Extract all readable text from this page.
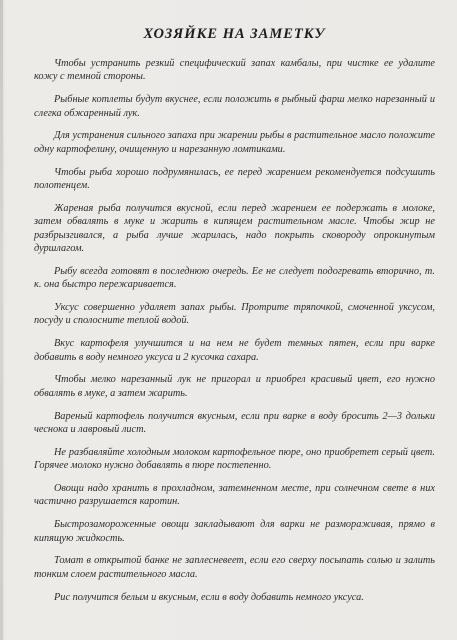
ХОЗЯЙКЕ НА ЗАМЕТКУ

Чтобы устранить резкий специфический запах камбалы, при чистке ее удалите кожу с темной стороны.

Рыбные котлеты будут вкуснее, если положить в рыбный фарш мелко нарезанный и слегка обжаренный лук.

Для устранения сильного запаха при жарении рыбы в растительное масло положите одну картофелину, очищенную и нарезанную ломтиками.

Чтобы рыба хорошо подрумянилась, ее перед жарением рекомендуется подсушить полотенцем.

Жареная рыба получится вкусной, если перед жарением ее подержать в молоке, затем обвалять в муке и жарить в кипящем растительном масле. Чтобы жир не разбрызгивался, а рыба лучше жарилась, надо покрыть сковороду опрокинутым дуршлагом.

Рыбу всегда готовят в последнюю очередь. Ее не следует подогревать вторично, т. к. она быстро пережаривается.

Уксус совершенно удаляет запах рыбы. Протрите тряпочкой, смоченной уксусом, посуду и сполосните теплой водой.

Вкус картофеля улучшится и на нем не будет темных пятен, если при варке добавить в воду немного уксуса и 2 кусочка сахара.

Чтобы мелко нарезанный лук не пригорал и приобрел красивый цвет, его нужно обвалять в муке, а затем жарить.

Вареный картофель получится вкусным, если при варке в воду бросить 2—3 дольки чеснока и лавровый лист.

Не разбавляйте холодным молоком картофельное пюре, оно приобретет серый цвет. Горячее молоко нужно добавлять в пюре постепенно.

Овощи надо хранить в прохладном, затемненном месте, при солнечном свете в них частично разрушается каротин.

Быстрозамороженные овощи закладывают для варки не размораживая, прямо в кипящую жидкость.

Томат в открытой банке не заплесневеет, если его сверху посыпать солью и залить тонким слоем растительного масла.

Рис получится белым и вкусным, если в воду добавить немного уксуса.
